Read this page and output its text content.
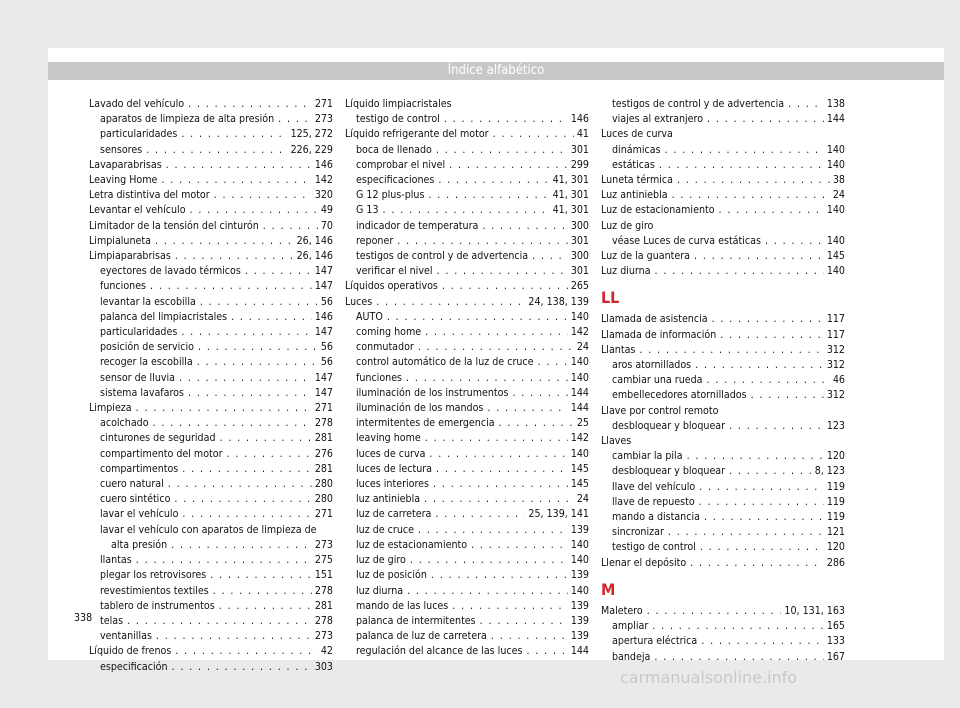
Índice alfabético
Lavado del vehículo . . .	271
aparatos de limpieza de alta presión . . .	273
particularidades . . .	125, 272
sensores . . .	226, 229
Lavaparabrisas . . .	146
Leaving Home . . .	142
Letra distintiva del motor . . .	320
Levantar el vehículo . . .	49
Limitador de la tensión del cinturón . . .	70
Limpialuneta . . .	26, 146
Limpiaparabrisas . . .	26, 146
eyectores de lavado térmicos . . .	147
funciones . . .	147
levantar la escobilla . . .	56
palanca del limpiacristales . . .	146
particularidades . . .	147
posición de servicio . . .	56
recoger la escobilla . . .	56
sensor de lluvia . . .	147
sistema lavafaros . . .	147
Limpieza . . .	271
acolchado . . .	278
cinturones de seguridad . . .	281
compartimento del motor . . .	276
compartimentos . . .	281
cuero natural . . .	280
cuero sintético . . .	280
lavar el vehículo . . .	271
lavar el vehículo con aparatos de limpieza de
alta presión . . .	273
llantas . . .	275
plegar los retrovisores . . .	151
revestimientos textiles . . .	278
tablero de instrumentos . . .	281
telas . . .	278
ventanillas . . .	273
Líquido de frenos . . .	42
especificación . . .	303
Líquido limpiacristales
testigo de control . . .	146
Líquido refrigerante del motor . . .	41
boca de llenado . . .	301
comprobar el nivel . . .	299
especificaciones . . .	41, 301
G 12 plus-plus . . .	41, 301
G 13 . . .	41, 301
indicador de temperatura . . .	300
reponer . . .	301
testigos de control y de advertencia . . .	300
verificar el nivel . . .	301
Líquidos operativos . . .	265
Luces . . .	24, 138, 139
AUTO . . .	140
coming home . . .	142
conmutador . . .	24
control automático de la luz de cruce . . .	140
funciones . . .	140
iluminación de los instrumentos . . .	144
iluminación de los mandos . . .	144
intermitentes de emergencia . . .	25
leaving home . . .	142
luces de curva . . .	140
luces de lectura . . .	145
luces interiores . . .	145
luz antiniebla . . .	24
luz de carretera . . .	25, 139, 141
luz de cruce . . .	139
luz de estacionamiento . . .	140
luz de giro . . .	140
luz de posición . . .	139
luz diurna . . .	140
mando de las luces . . .	139
palanca de intermitentes . . .	139
palanca de luz de carretera . . .	139
regulación del alcance de las luces . . .	144
testigos de control y de advertencia . . .	138
viajes al extranjero . . .	144
Luces de curva
dinámicas . . .	140
estáticas . . .	140
Luneta térmica . . .	38
Luz antiniebla . . .	24
Luz de estacionamiento . . .	140
Luz de giro
véase Luces de curva estáticas . . .	140
Luz de la guantera . . .	145
Luz diurna . . .	140
LL
Llamada de asistencia . . .	117
Llamada de información . . .	117
Llantas . . .	312
aros atornillados . . .	312
cambiar una rueda . . .	46
embellecedores atornillados . . .	312
Llave por control remoto
desbloquear y bloquear . . .	123
Llaves
cambiar la pila . . .	120
desbloquear y bloquear . . .	8, 123
llave del vehículo . . .	119
llave de repuesto . . .	119
mando a distancia . . .	119
sincronizar . . .	121
testigo de control . . .	120
Llenar el depósito . . .	286
M
Maletero . . .	10, 131, 163
ampliar . . .	165
apertura eléctrica . . .	133
bandeja . . .	167
338
carmanualsonline.info
